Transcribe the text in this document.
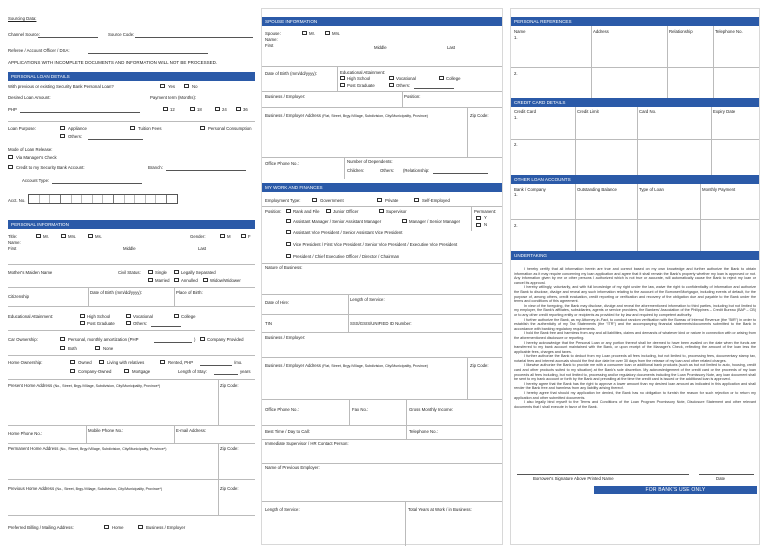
Sourcing Data:
Channel Source:	Source Code:
Referee / Account Officer / DSA:
APPLICATIONS WITH INCOMPLETE DOCUMENTS AND INFORMATION WILL NOT BE PROCESSED.
PERSONAL LOAN DETAILS
With previous or existing Security Bank Personal Loan?	Yes	No
Desired Loan Amount:	Payment term (Months):
PHP	12	18	24	36
Loan Purpose:	Appliance	Tuition Fees	Personal Consumption
Others:
Mode of Loan Release:
Via Manager's Check
Credit to my Security Bank Account:	Branch:
Account Type:
Acct. No.
PERSONAL INFORMATION
Title:	Mr.	Mrs.	Ms.	Gender:	M	F
Name:
First	Middle	Last
Mother's Maiden Name	Civil Status:	Single	Legally Separated
Married	Annulled	Widow/Widower
Citizenship
Date of Birth (mm/dd/yyyy):	Place of Birth:
Educational Attainment:	High School	Vocational	College
Post Graduate	Others:
Car Ownership:	Personal, monthly amortization (PHP	)	Company Provided
Both	None
Home Ownership:	Owned	Living with relatives	Rented, PHP	/mo.
Company-Owned	Mortgage	Length of Stay:	years
Present Home Address (No., Street, Brgy./Village, Subdivision, City/Municipality, Province*)	Zip Code:
Home Phone No.:
Mobile Phone No.:	E-mail Address:
Permanent Home Address (No., Street, Brgy./Village, Subdivision, City/Municipality, Province*)	Zip Code:
Previous Home Address (No., Street, Brgy./Village, Subdivision, City/Municipality, Province*)	Zip Code:
Preferred Billing / Mailing Address:	Home	Business / Employer
SPOUSE INFORMATION
Spouse:	Mr.	Mrs.
Name:
First	Middle	Last
Date of Birth (mm/dd/yyyy):	Educational Attainment:
High School	Vocational	College
Post Graduate	Others:
Business / Employer:	Position:
Business / Employer Address (Flat, Street, Brgy./Village, Subdivision, City/Municipality, Province)	Zip Code:
Office Phone No.:	Number of Dependents:
Children:	Others: (Relationship:
MY WORK AND FINANCES
Employment Type:	Government	Private	Self-Employed
Position:	Rank and File	Junior Officer	Supervisor	Permanent:
Y
N
Assistant Manager / Senior Assistant Manager	Manager / Senior Manager
Assistant Vice President / Senior Assistant Vice President
Vice President / First Vice President / Senior Vice President / Executive Vice President
President / Chief Executive Officer / Director / Chairman
Nature of Business:
Date of Hire:
Length of Service:
TIN	SSS/GSIS/UNIFIED ID Number:
Business / Employer:
Business / Employer Address (Flat, Street, Brgy./Village, Subdivision, City/Municipality, Province)	Zip Code:
Office Phone No.:	Fax No.:	Gross Monthly Income:
Best Time / Day to Call:	Telephone No.:
Immediate Supervisor / HR Contact Person:
Name of Previous Employer:
Length of Service:	Total Years at Work / in Business:
PERSONAL REFERENCES
Name	Address	Relationship	Telephone No.
1.
2.
CREDIT CARD DETAILS
Credit Card	Credit Limit	Card No.	Expiry Date
1.
2.
OTHER LOAN ACCOUNTS
Bank / Company	Outstanding Balance	Type of Loan	Monthly Payment
1.
2.
UNDERTAKING

I hereby certify that all information herein are true and correct based on my own knowledge and further authorize the Bank to obtain information as it may require concerning my loan application and agree that it shall remain the Bank's property whether my loan is approved or not. Any information given by me or other persons I authorized which is not true or accurate, will automatically cause the Bank to reject my loan or cancel its approval.

I hereby willingly, voluntarily, and with full knowledge of my right under the law, waive the right to confidentiality of information and authorize the Bank to disclose, divulge and reveal any such information relating to the account of the Borrower/Mortgagor, including events of default, for the purpose of, among others, credit evaluation, credit reporting or verification and recovery of the obligation due and payable to the Bank under the terms and conditions of this agreement.

In view of the foregoing, the Bank may disclose, divulge and reveal the aforementioned information to third parties, including but not limited to my employer, the Bank's affiliates, subsidiaries, agents or service providers, the Bankers' Association of the Philippines – Credit Bureau (BAP – CB) or to any other credit reporting entity or recipients as provided for by law and required by competent authority.

I further authorize the Bank, as my Attorney-in-Fact, to conduct random verification with the Bureau of Internal Revenue (the "BIR") in order to establish the authenticity of my Tax Statements (the "ITR") and the accompanying financial statements/documents submitted to the Bank in accordance with banking regulatory requirements.

I hold the Bank free and harmless from any and all liabilities, claims and demands of whatever kind or nature in connection with or arising from the aforementioned disclosure or reporting.

I hereby acknowledge that the Personal Loan or any portion thereof shall be deemed to have been availed on the date when the funds are transferred to my bank account maintained with the Bank, or upon receipt of the Manager's Check, reflecting the amount of the loan less the applicable fees, charges and taxes.

I further authorize the Bank to deduct from my Loan proceeds all fees including, but not limited to, processing fees, documentary stamp tax, notarial fees and interest accruals should the first due date be over 30 days from the release of my loan and other related charges.

I likewise authorize the Bank to provide me with a consumer loan or additional bank products (such as but not limited to auto, housing, credit card and other products suited to my situation) at the Bank's sole discretion. My acknowledgement of the credit card or the proceeds of my loan proceeds all fees including, but not limited to, processing and/or regulatory documents including the Loan Promissory Note, any loan document shall be sent to my bank account or forth by the Bank and prevailing at the time the credit card is issued or the additional loan is approved.

I hereby agree that the Bank has the right to approve a lower amount than my desired loan amount as indicated in this application and shall render the Bank free and harmless from any liability arising thereof.

I hereby agree that should my application be denied, the Bank has no obligation to furnish the reason for such rejection or to return my application and other submitted documents.

I also legally bind myself to the Terms and Conditions of the Loan Program Promissory Note, Disclosure Statement and other relevant documents that I shall execute in favor of the Bank.

Borrower's Signature Above Printed Name	Date
FOR BANK'S USE ONLY
